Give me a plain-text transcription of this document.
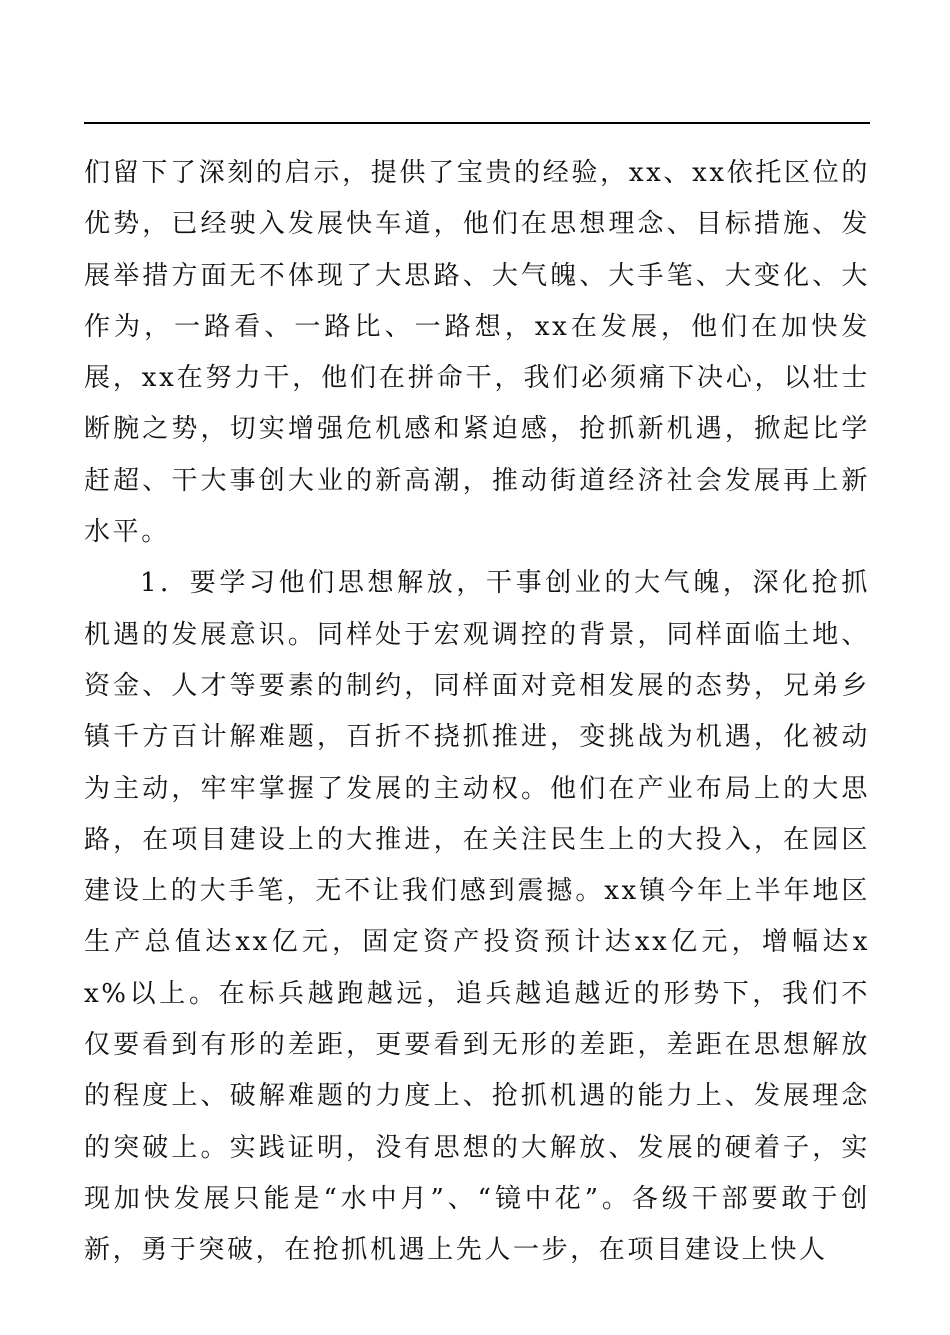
们留下了深刻的启示，提供了宝贵的经验，xx、xx依托区位的优势，已经驶入发展快车道，他们在思想理念、目标措施、发展举措方面无不体现了大思路、大气魄、大手笔、大变化、大作为，一路看、一路比、一路想，xx在发展，他们在加快发展，xx在努力干，他们在拼命干，我们必须痛下决心，以壮士断腕之势，切实增强危机感和紧迫感，抢抓新机遇，掀起比学赶超、干大事创大业的新高潮，推动街道经济社会发展再上新水平。

1．要学习他们思想解放，干事创业的大气魄，深化抢抓机遇的发展意识。同样处于宏观调控的背景，同样面临土地、资金、人才等要素的制约，同样面对竞相发展的态势，兄弟乡镇千方百计解难题，百折不挠抓推进，变挑战为机遇，化被动为主动，牢牢掌握了发展的主动权。他们在产业布局上的大思路，在项目建设上的大推进，在关注民生上的大投入，在园区建设上的大手笔，无不让我们感到震撼。xx镇今年上半年地区生产总值达xx亿元，固定资产投资预计达xx亿元，增幅达xx%以上。在标兵越跑越远，追兵越追越近的形势下，我们不仅要看到有形的差距，更要看到无形的差距，差距在思想解放的程度上、破解难题的力度上、抢抓机遇的能力上、发展理念的突破上。实践证明，没有思想的大解放、发展的硬着子，实现加快发展只能是“水中月”、“镜中花”。各级干部要敢于创新，勇于突破，在抢抓机遇上先人一步，在项目建设上快人
